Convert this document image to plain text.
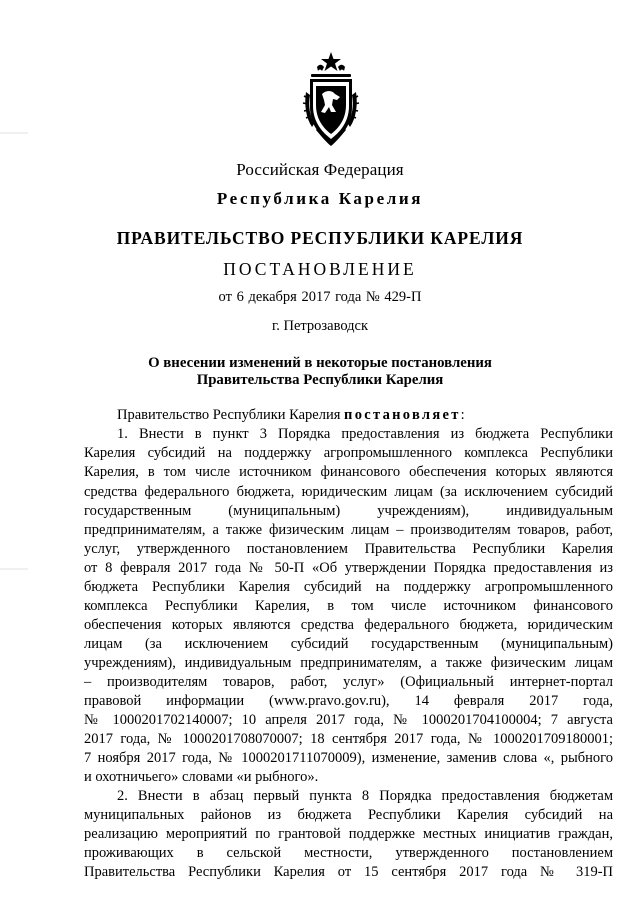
Российская Федерация
Республика Карелия
ПРАВИТЕЛЬСТВО РЕСПУБЛИКИ КАРЕЛИЯ
ПОСТАНОВЛЕНИЕ
от 6 декабря 2017 года № 429-П
г. Петрозаводск
О внесении изменений в некоторые постановления
Правительства Республики Карелия
Правительство Республики Карелия постановляет:
1. Внести в пункт 3 Порядка предоставления из бюджета Республики
Карелия субсидий на поддержку агропромышленного комплекса Республики
Карелия, в том числе источником финансового обеспечения которых являются
средства федерального бюджета, юридическим лицам (за исключением субсидий
государственным (муниципальным) учреждениям), индивидуальным
предпринимателям, а также физическим лицам – производителям товаров, работ,
услуг, утвержденного постановлением Правительства Республики Карелия
от 8 февраля 2017 года № 50-П «Об утверждении Порядка предоставления из
бюджета Республики Карелия субсидий на поддержку агропромышленного
комплекса Республики Карелия, в том числе источником финансового
обеспечения которых являются средства федерального бюджета, юридическим
лицам (за исключением субсидий государственным (муниципальным)
учреждениям), индивидуальным предпринимателям, а также физическим лицам
– производителям товаров, работ, услуг» (Официальный интернет-портал
правовой информации (www.pravo.gov.ru), 14 февраля 2017 года,
№ 1000201702140007; 10 апреля 2017 года, № 1000201704100004; 7 августа
2017 года, № 1000201708070007; 18 сентября 2017 года, № 1000201709180001;
7 ноября 2017 года, № 1000201711070009), изменение, заменив слова «, рыбного
и охотничьего» словами «и рыбного».
2. Внести в абзац первый пункта 8 Порядка предоставления бюджетам
муниципальных районов из бюджета Республики Карелия субсидий на
реализацию мероприятий по грантовой поддержке местных инициатив граждан,
проживающих в сельской местности, утвержденного постановлением
Правительства Республики Карелия от 15 сентября 2017 года № 319-П
